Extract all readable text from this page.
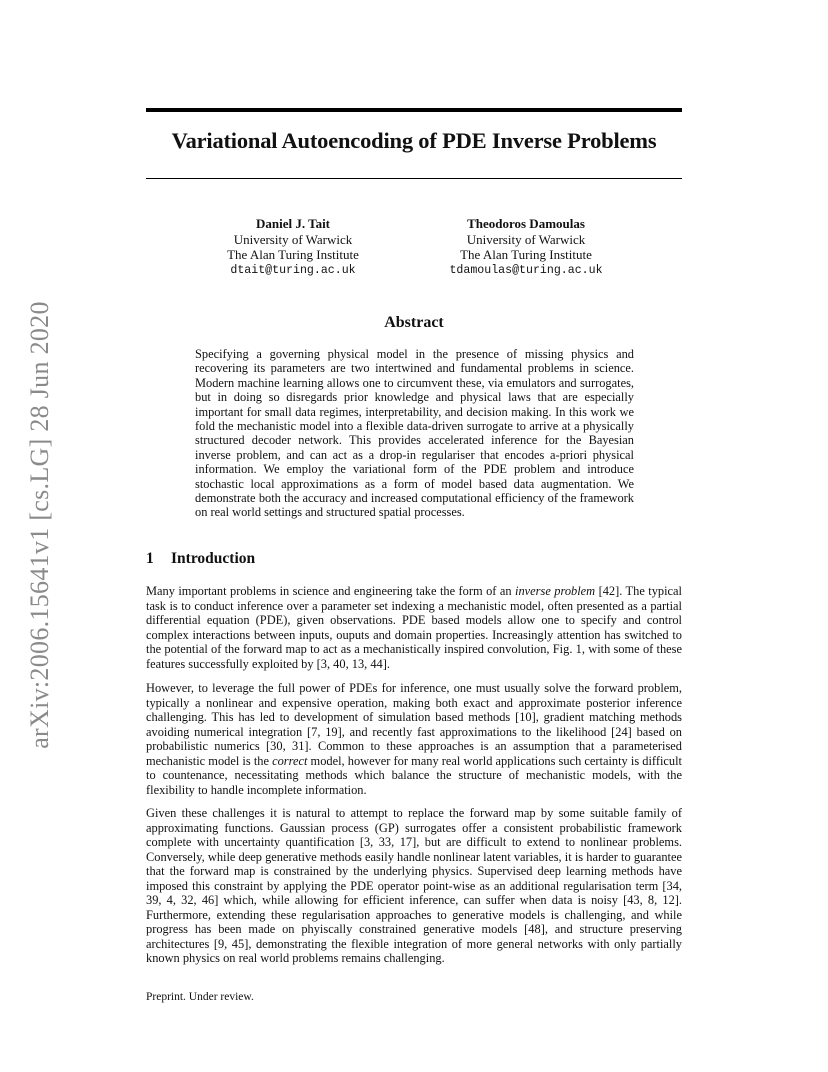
arXiv:2006.15641v1 [cs.LG] 28 Jun 2020
Variational Autoencoding of PDE Inverse Problems
Daniel J. Tait
University of Warwick
The Alan Turing Institute
dtait@turing.ac.uk
Theodoros Damoulas
University of Warwick
The Alan Turing Institute
tdamoulas@turing.ac.uk
Abstract
Specifying a governing physical model in the presence of missing physics and recovering its parameters are two intertwined and fundamental problems in science. Modern machine learning allows one to circumvent these, via emulators and surrogates, but in doing so disregards prior knowledge and physical laws that are especially important for small data regimes, interpretability, and decision making. In this work we fold the mechanistic model into a flexible data-driven surrogate to arrive at a physically structured decoder network. This provides accelerated inference for the Bayesian inverse problem, and can act as a drop-in regulariser that encodes a-priori physical information. We employ the variational form of the PDE problem and introduce stochastic local approximations as a form of model based data augmentation. We demonstrate both the accuracy and increased computational efficiency of the framework on real world settings and structured spatial processes.
1 Introduction

Many important problems in science and engineering take the form of an inverse problem [42]. The typical task is to conduct inference over a parameter set indexing a mechanistic model, often presented as a partial differential equation (PDE), given observations. PDE based models allow one to specify and control complex interactions between inputs, ouputs and domain properties. Increasingly attention has switched to the potential of the forward map to act as a mechanistically inspired convolution, Fig. 1, with some of these features successfully exploited by [3, 40, 13, 44].

However, to leverage the full power of PDEs for inference, one must usually solve the forward problem, typically a nonlinear and expensive operation, making both exact and approximate posterior inference challenging. This has led to development of simulation based methods [10], gradient matching methods avoiding numerical integration [7, 19], and recently fast approximations to the likelihood [24] based on probabilistic numerics [30, 31]. Common to these approaches is an assumption that a parameterised mechanistic model is the correct model, however for many real world applications such certainty is difficult to countenance, necessitating methods which balance the structure of mechanistic models, with the flexibility to handle incomplete information.

Given these challenges it is natural to attempt to replace the forward map by some suitable family of approximating functions. Gaussian process (GP) surrogates offer a consistent probabilistic framework complete with uncertainty quantification [3, 33, 17], but are difficult to extend to nonlinear problems. Conversely, while deep generative methods easily handle nonlinear latent variables, it is harder to guarantee that the forward map is constrained by the underlying physics. Supervised deep learning methods have imposed this constraint by applying the PDE operator point-wise as an additional regularisation term [34, 39, 4, 32, 46] which, while allowing for efficient inference, can suffer when data is noisy [43, 8, 12]. Furthermore, extending these regularisation approaches to generative models is challenging, and while progress has been made on phyiscally constrained generative models [48], and structure preserving architectures [9, 45], demonstrating the flexible integration of more general networks with only partially known physics on real world problems remains challenging.

Preprint. Under review.
